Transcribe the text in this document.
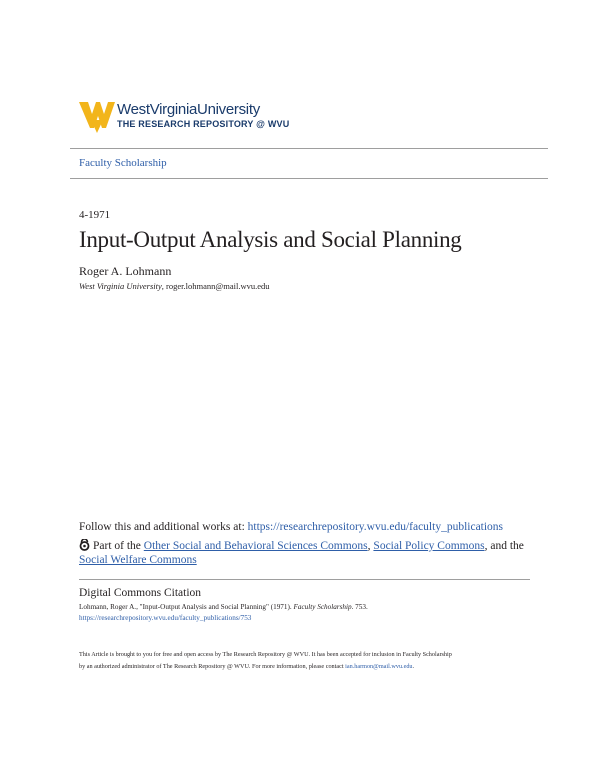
WestVirginiaUniversity
THE RESEARCH REPOSITORY @ WVU
Faculty Scholarship
4-1971
Input-Output Analysis and Social Planning
Roger A. Lohmann
West Virginia University, roger.lohmann@mail.wvu.edu
Follow this and additional works at: https://researchrepository.wvu.edu/faculty_publications
Part of the Other Social and Behavioral Sciences Commons, Social Policy Commons, and the
Social Welfare Commons
Digital Commons Citation
Lohmann, Roger A., "Input-Output Analysis and Social Planning" (1971). Faculty Scholarship. 753.
https://researchrepository.wvu.edu/faculty_publications/753
This Article is brought to you for free and open access by The Research Repository @ WVU. It has been accepted for inclusion in Faculty Scholarship
by an authorized administrator of The Research Repository @ WVU. For more information, please contact ian.harmon@mail.wvu.edu.
